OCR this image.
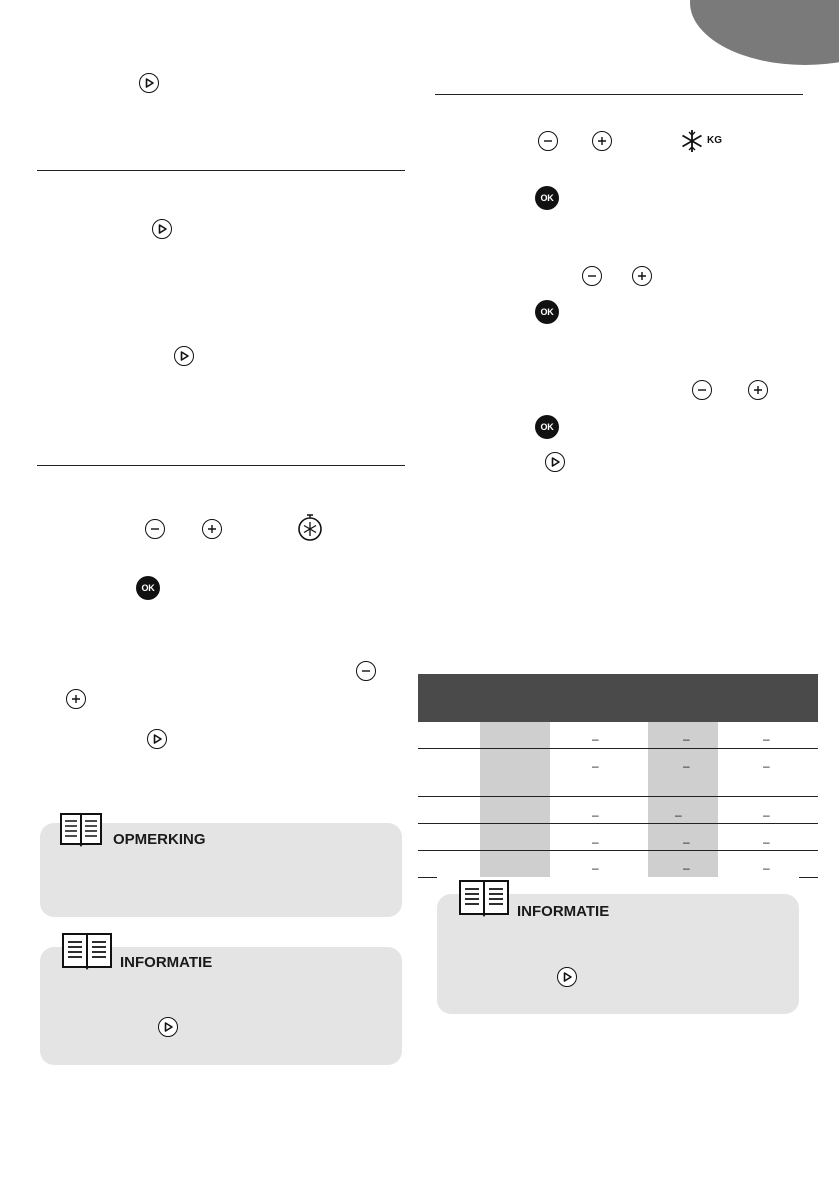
OK
OPMERKING
INFORMATIE
KG
OK
OK
OK
–	–	–
–	–	–
–	–	–
–	–	–
–	–	–
INFORMATIE
